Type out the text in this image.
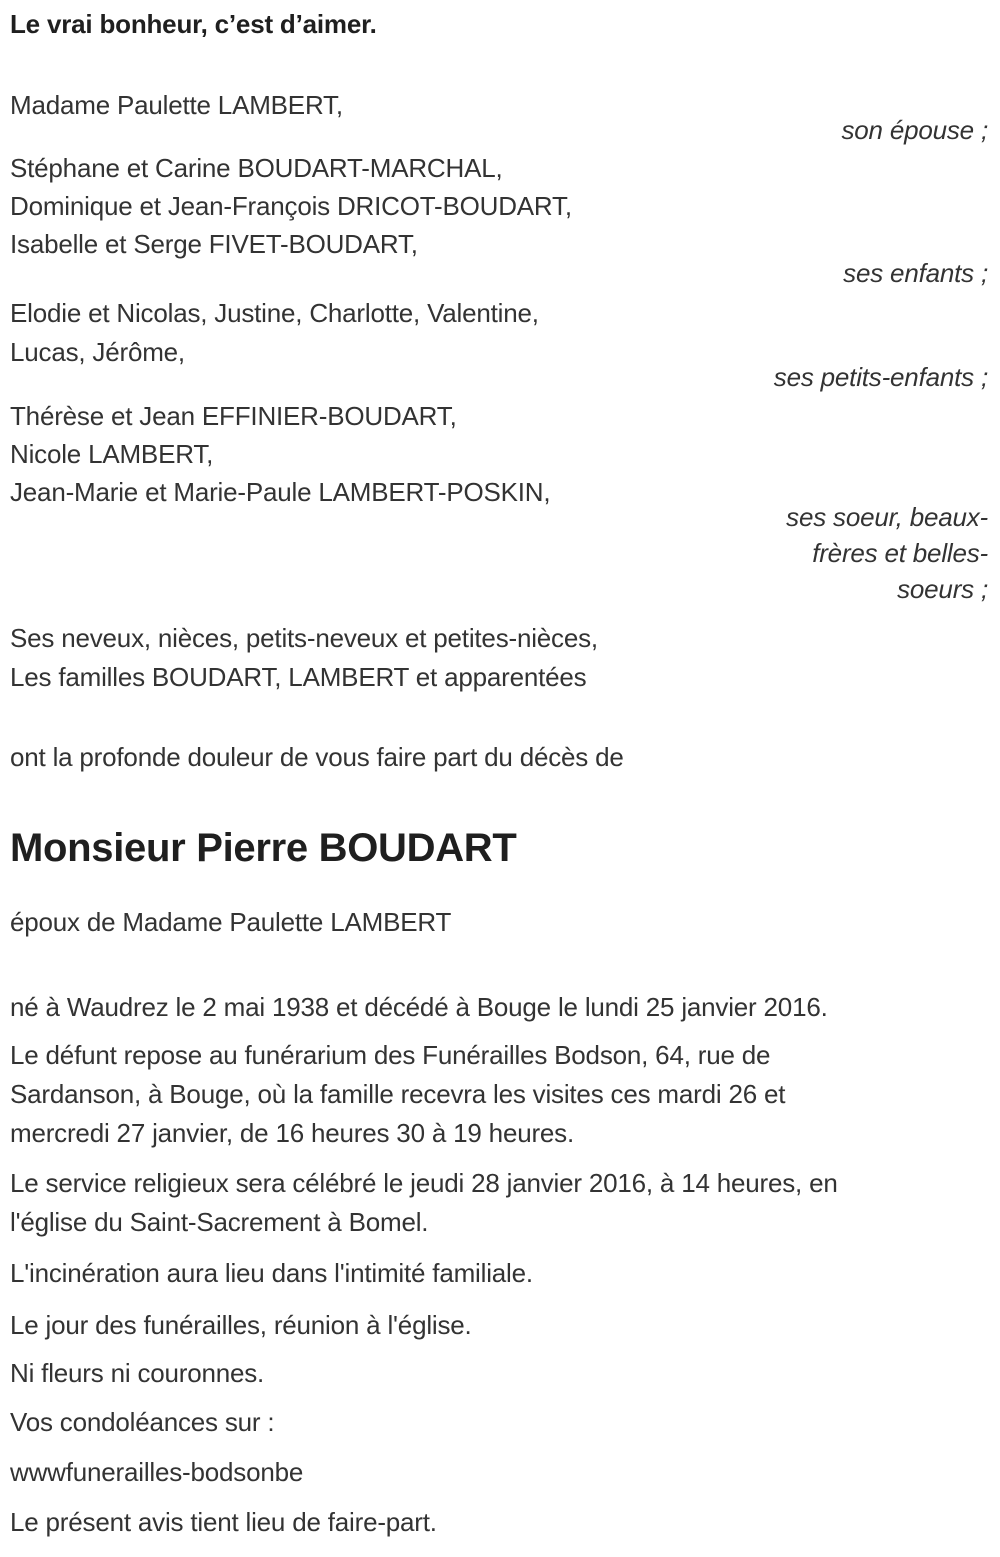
Le vrai bonheur, c’est d’aimer.
Madame Paulette LAMBERT,
son épouse ;
Stéphane et Carine BOUDART-MARCHAL,
Dominique et Jean-François DRICOT-BOUDART,
Isabelle et Serge FIVET-BOUDART,
ses enfants ;
Elodie et Nicolas, Justine, Charlotte, Valentine,
Lucas, Jérôme,
ses petits-enfants ;
Thérèse et Jean EFFINIER-BOUDART,
Nicole LAMBERT,
Jean-Marie et Marie-Paule LAMBERT-POSKIN,
ses soeur, beaux-
frères et belles-
soeurs ;
Ses neveux, nièces, petits-neveux et petites-nièces,
Les familles BOUDART, LAMBERT et apparentées
ont la profonde douleur de vous faire part du décès de
Monsieur Pierre BOUDART
époux de Madame Paulette LAMBERT
né à Waudrez le 2 mai 1938 et décédé à Bouge le lundi 25 janvier 2016.
Le défunt repose au funérarium des Funérailles Bodson, 64, rue de
Sardanson, à Bouge, où la famille recevra les visites ces mardi 26 et
mercredi 27 janvier, de 16 heures 30 à 19 heures.
Le service religieux sera célébré le jeudi 28 janvier 2016, à 14 heures, en
l'église du Saint-Sacrement à Bomel.
L'incinération aura lieu dans l'intimité familiale.
Le jour des funérailles, réunion à l'église.
Ni fleurs ni couronnes.
Vos condoléances sur :
wwwfunerailles-bodsonbe
Le présent avis tient lieu de faire-part.
